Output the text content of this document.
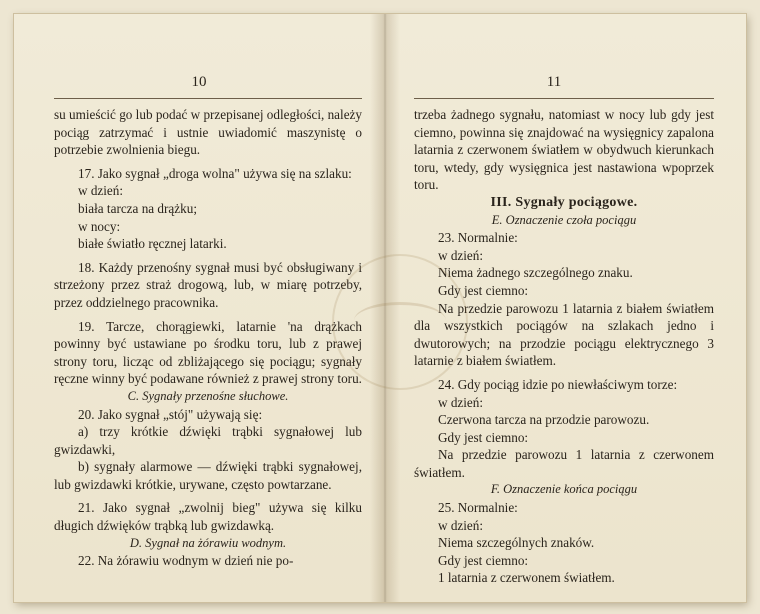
10

su umieścić go lub podać w przepisanej odległości, należy pociąg zatrzymać i ustnie uwiadomić maszynistę o potrzebie zwolnienia biegu.

17. Jako sygnał „droga wolna" używa się na szlaku:

w dzień:

biała tarcza na drążku;

w nocy:

białe światło ręcznej latarki.

18. Każdy przenośny sygnał musi być obsługiwany i strzeżony przez straż drogową, lub, w miarę potrzeby, przez oddzielnego pracownika.

19. Tarcze, chorągiewki, latarnie 'na drążkach powinny być ustawiane po środku toru, lub z prawej strony toru, licząc od zbliżającego się pociągu; sygnały ręczne winny być podawane również z prawej strony toru.

C. Sygnały przenośne słuchowe.

20. Jako sygnał „stój" używają się:

a) trzy krótkie dźwięki trąbki sygnałowej lub gwizdawki,

b) sygnały alarmowe — dźwięki trąbki sygnałowej, lub gwizdawki krótkie, urywane, często powtarzane.

21. Jako sygnał „zwolnij bieg" używa się kilku długich dźwięków trąbką lub gwizdawką.

D. Sygnał na żórawiu wodnym.

22. Na żórawiu wodnym w dzień nie po-

11

trzeba żadnego sygnału, natomiast w nocy lub gdy jest ciemno, powinna się znajdować na wysięgnicy zapalona latarnia z czerwonem światłem w obydwuch kierunkach toru, wtedy, gdy wysięgnica jest nastawiona wpoprzek toru.

III. Sygnały pociągowe.

E. Oznaczenie czoła pociągu

23. Normalnie:

w dzień:

Niema żadnego szczególnego znaku.

Gdy jest ciemno:

Na przedzie parowozu 1 latarnia z białem światłem dla wszystkich pociągów na szlakach jedno i dwutorowych; na przodzie pociągu elektrycznego 3 latarnie z białem światłem.

24. Gdy pociąg idzie po niewłaściwym torze:

w dzień:

Czerwona tarcza na przodzie parowozu.

Gdy jest ciemno:

Na przedzie parowozu 1 latarnia z czerwonem światłem.

F. Oznaczenie końca pociągu

25. Normalnie:

w dzień:

Niema szczególnych znaków.

Gdy jest ciemno:

1 latarnia z czerwonem światłem.
